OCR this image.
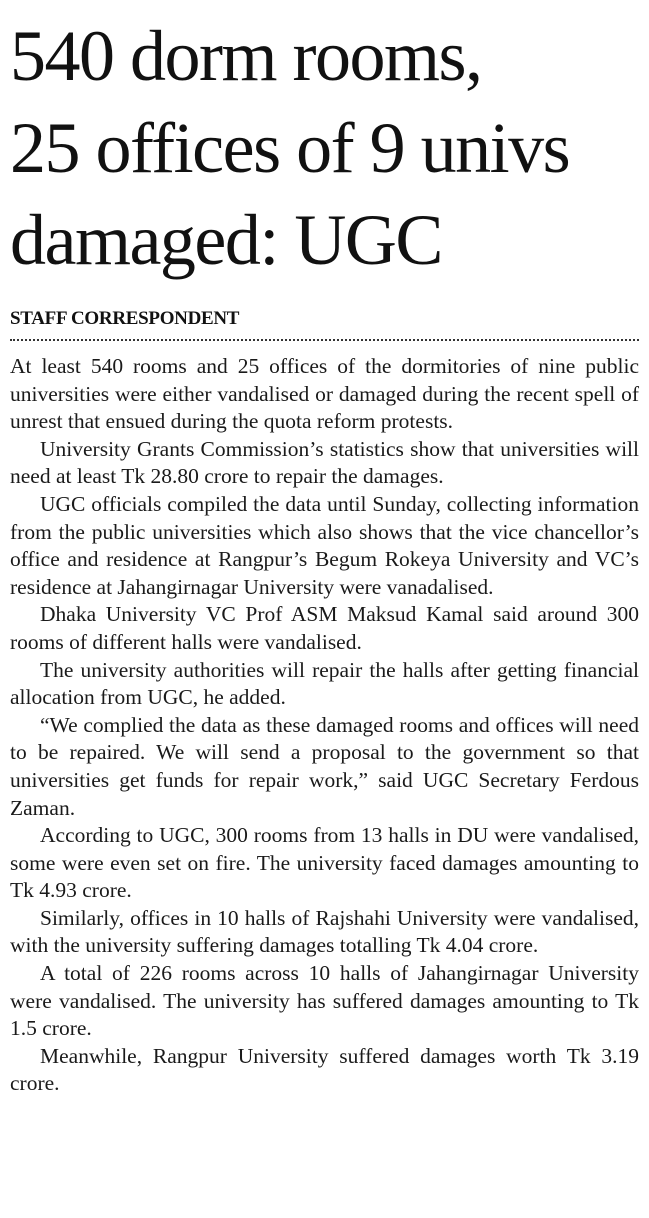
540 dorm rooms,
25 offices of 9 univs
damaged: UGC
STAFF CORRESPONDENT

At least 540 rooms and 25 offices of the dormitories of nine public universities were either vandalised or damaged during the recent spell of unrest that ensued during the quota reform protests.

University Grants Commission’s statistics show that universities will need at least Tk 28.80 crore to repair the damages.

UGC officials compiled the data until Sunday, collecting information from the public universities which also shows that the vice chancellor’s office and residence at Rangpur’s Begum Rokeya University and VC’s residence at Jahangirnagar University were vanadalised.

Dhaka University VC Prof ASM Maksud Kamal said around 300 rooms of different halls were vandalised.

The university authorities will repair the halls after getting financial allocation from UGC, he added.

“We complied the data as these damaged rooms and offices will need to be repaired. We will send a proposal to the government so that universities get funds for repair work,” said UGC Secretary Ferdous Zaman.

According to UGC, 300 rooms from 13 halls in DU were vandalised, some were even set on fire. The university faced damages amounting to Tk 4.93 crore.

Similarly, offices in 10 halls of Rajshahi University were vandalised, with the university suffering damages totalling Tk 4.04 crore.

A total of 226 rooms across 10 halls of Jahangirnagar University were vandalised. The university has suffered damages amounting to Tk 1.5 crore.

Meanwhile, Rangpur University suffered damages worth Tk 3.19 crore.
